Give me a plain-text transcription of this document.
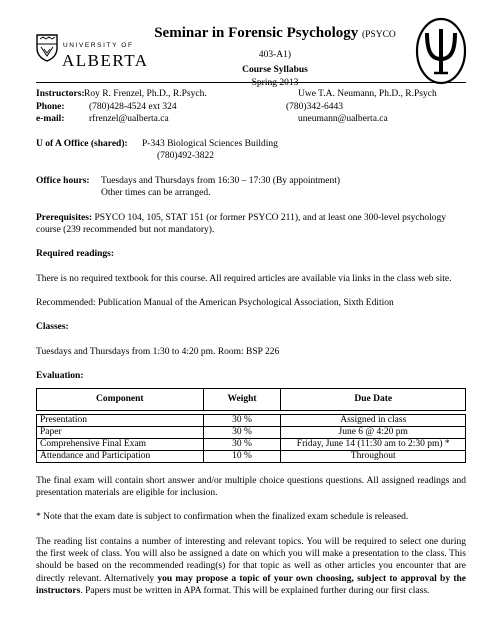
UNIVERSITY OF
ALBERTA
Seminar in Forensic Psychology (PSYCO 403-A1)
Course Syllabus
Spring 2013
Instructors: Roy R. Frenzel, Ph.D., R.Psych.	Uwe T.A. Neumann, Ph.D., R.Psych
Phone:	(780)428-4524 ext 324	(780)342-6443
e-mail:	rfrenzel@ualberta.ca	uneumann@ualberta.ca
U of A Office (shared): P-343 Biological Sciences Building
(780)492-3822
Office hours: Tuesdays and Thursdays from 16:30 – 17:30 (By appointment)
Other times can be arranged.

Prerequisites: PSYCO 104, 105, STAT 151 (or former PSYCO 211), and at least one 300-level psychology course (239 recommended but not mandatory).

Required readings:

There is no required textbook for this course. All required articles are available via links in the class web site.

Recommended: Publication Manual of the American Psychological Association, Sixth Edition

Classes:

Tuesdays and Thursdays from 1:30 to 4:20 pm. Room: BSP 226

Evaluation:

Component	Weight	Due Date

Presentation	30 %	Assigned in class
Paper	30 %	June 6 @ 4:20 pm
Comprehensive Final Exam	30 %	Friday, June 14 (11:30 am to 2:30 pm) *
Attendance and Participation	10 %	Throughout

The final exam will contain short answer and/or multiple choice questions questions. All assigned readings and presentation materials are eligible for inclusion.

* Note that the exam date is subject to confirmation when the finalized exam schedule is released.

The reading list contains a number of interesting and relevant topics. You will be required to select one during the first week of class. You will also be assigned a date on which you will make a presentation to the class. This should be based on the recommended reading(s) for that topic as well as other articles you encounter that are directly relevant. Alternatively you may propose a topic of your own choosing, subject to approval by the instructors. Papers must be written in APA format. This will be explained further during our first class.
